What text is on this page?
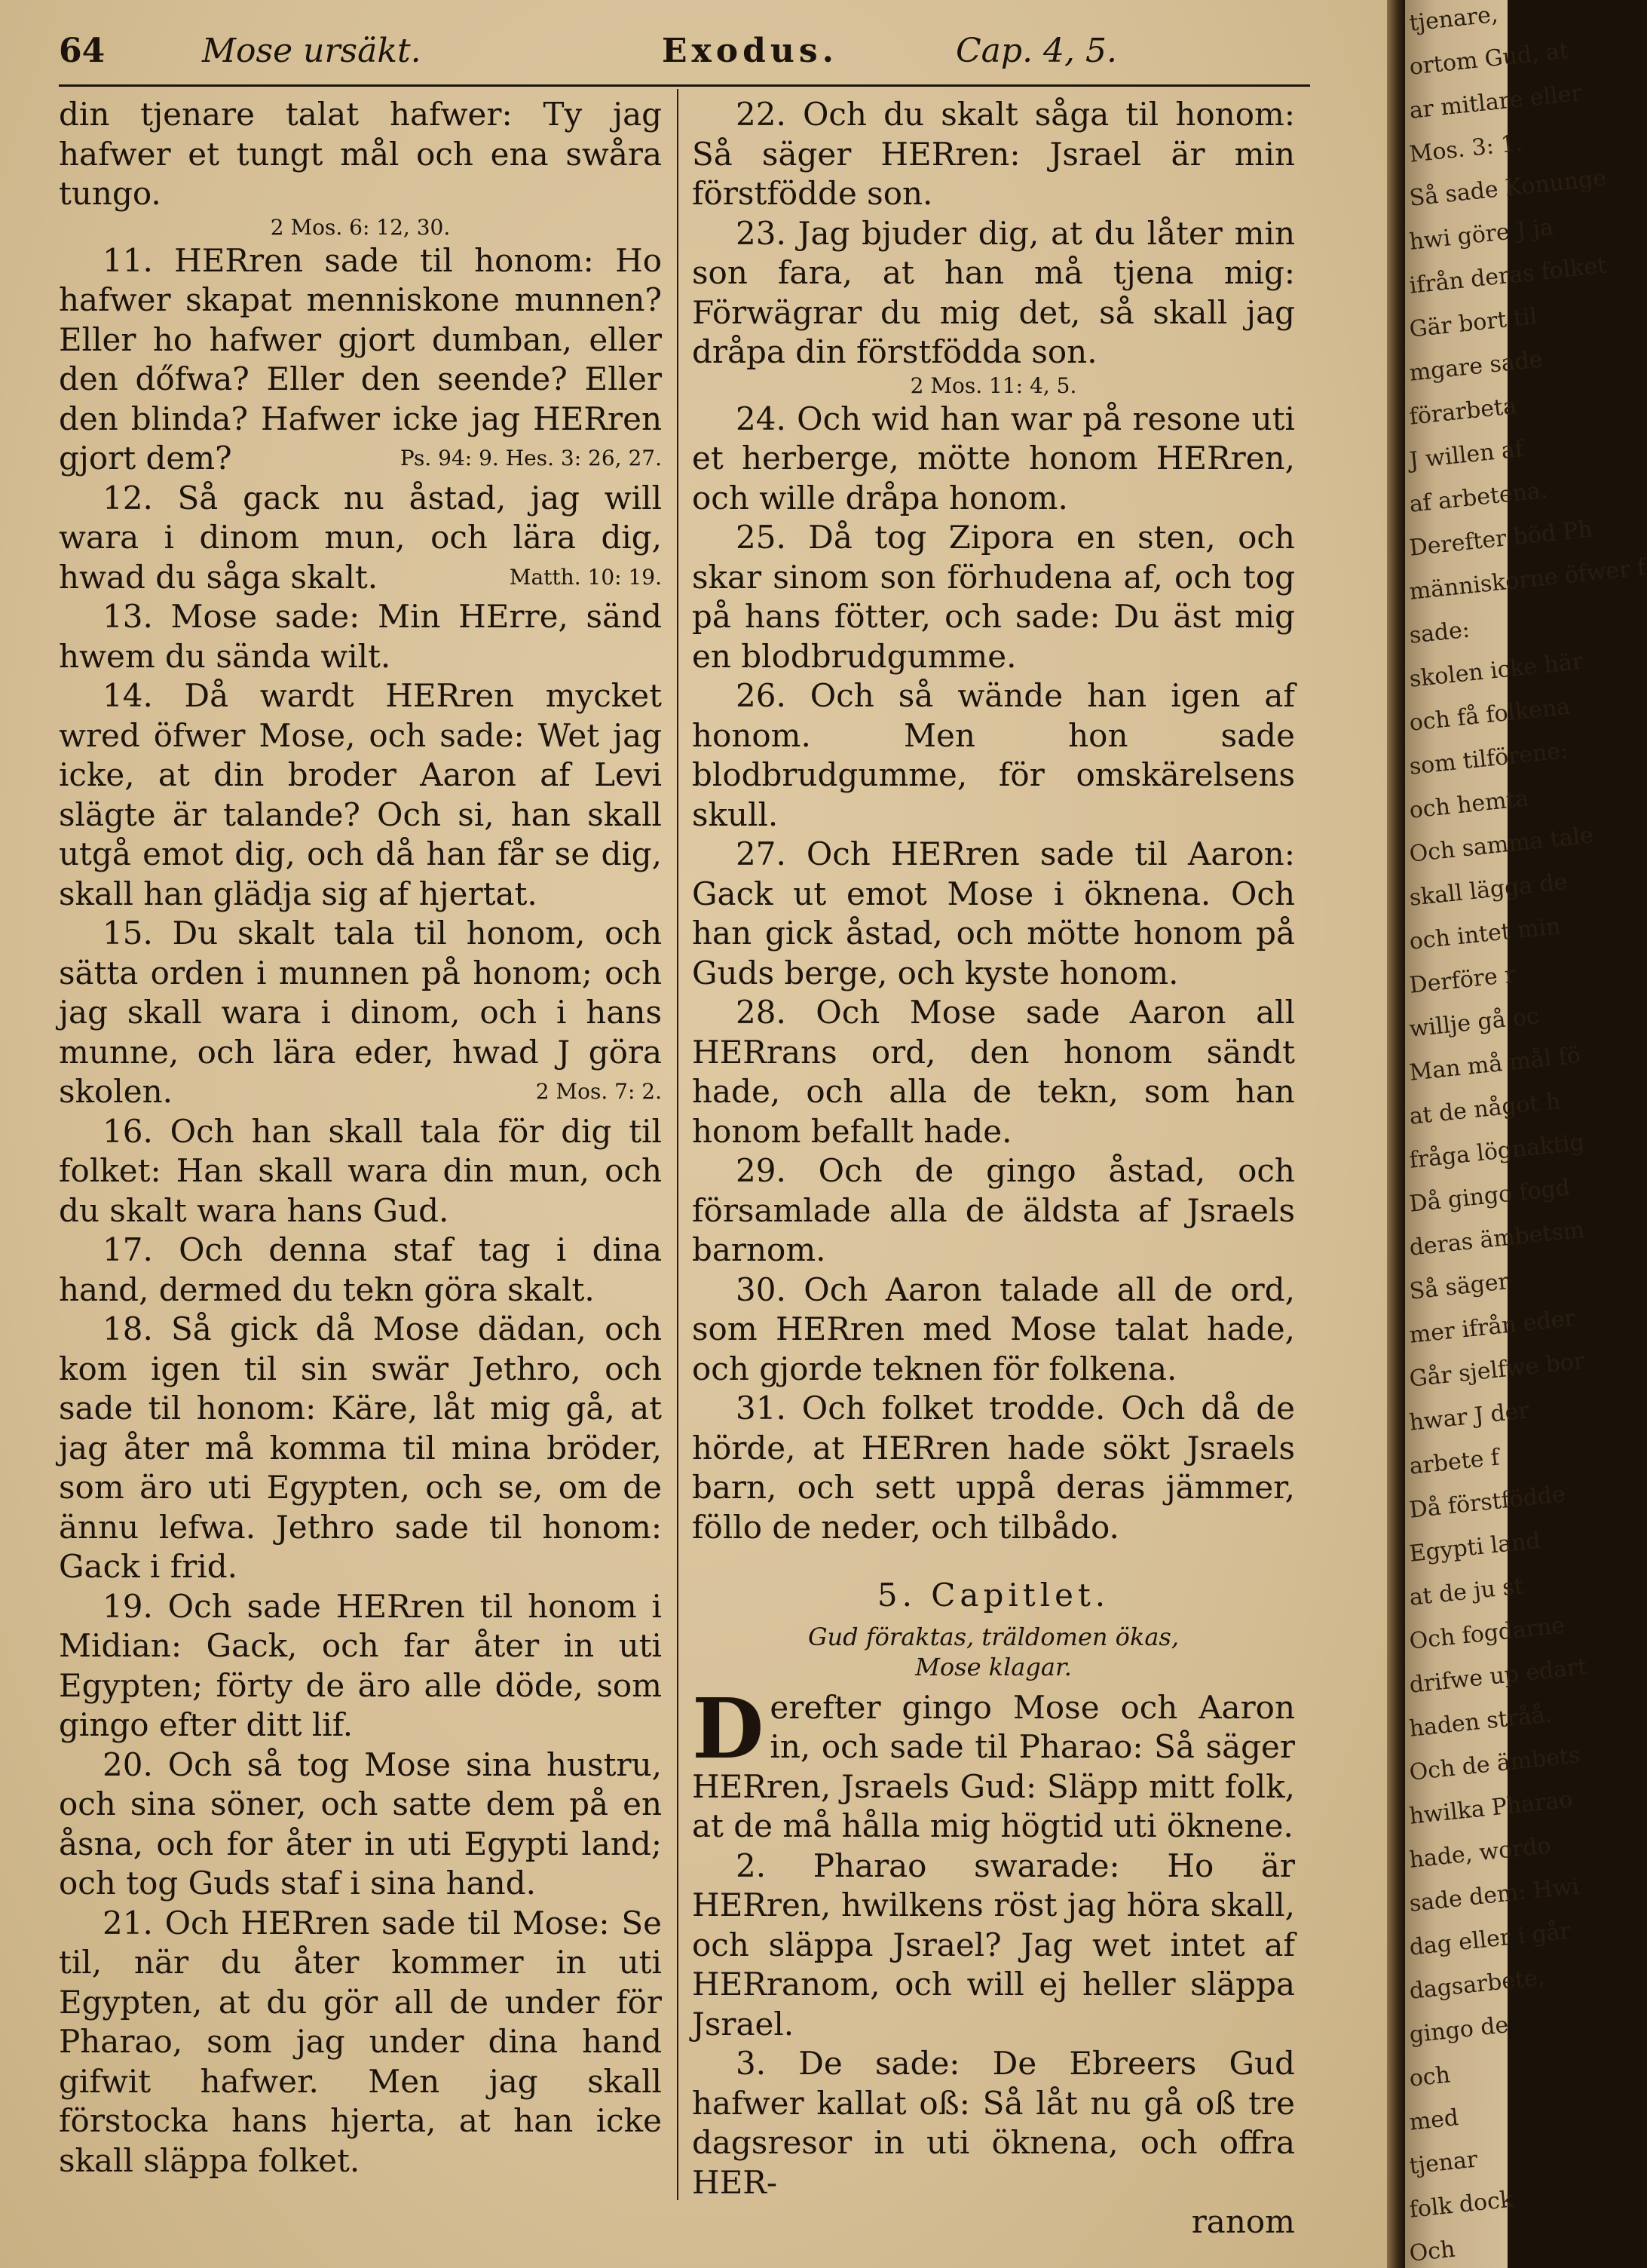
64	Mose ursäkt.	Exodus.	Cap. 4, 5.

din tjenare talat hafwer: Ty jag hafwer et tungt mål och ena swåra tungo.

2 Mos. 6: 12, 30.

11. HERren sade til honom: Ho hafwer skapat menniskone munnen? Eller ho hafwer gjort dumban, eller den dőfwa? Eller den seende? Eller den blinda? Hafwer icke jag HERren gjort dem?	Ps. 94: 9. Hes. 3: 26, 27.

12. Så gack nu åstad, jag will wara i dinom mun, och lära dig, hwad du såga skalt.	Matth. 10: 19.

13. Mose sade: Min HErre, sänd hwem du sända wilt.

14. Då wardt HERren mycket wred öfwer Mose, och sade: Wet jag icke, at din broder Aaron af Levi slägte är talande? Och si, han skall utgå emot dig, och då han får se dig, skall han glädja sig af hjertat.

15. Du skalt tala til honom, och sätta orden i munnen på honom; och jag skall wara i dinom, och i hans munne, och lära eder, hwad J göra skolen.	2 Mos. 7: 2.

16. Och han skall tala för dig til folket: Han skall wara din mun, och du skalt wara hans Gud.

17. Och denna staf tag i dina hand, dermed du tekn göra skalt.

18. Så gick då Mose dädan, och kom igen til sin swär Jethro, och sade til honom: Käre, låt mig gå, at jag åter må komma til mina bröder, som äro uti Egypten, och se, om de ännu lefwa. Jethro sade til honom: Gack i frid.

19. Och sade HERren til honom i Midian: Gack, och far åter in uti Egypten; förty de äro alle döde, som gingo efter ditt lif.

20. Och så tog Mose sina hustru, och sina söner, och satte dem på en åsna, och for åter in uti Egypti land; och tog Guds staf i sina hand.

21. Och HERren sade til Mose: Se til, när du åter kommer in uti Egypten, at du gör all de under för Pharao, som jag under dina hand gifwit hafwer. Men jag skall förstocka hans hjerta, at han icke skall släppa folket.

22. Och du skalt såga til honom: Så säger HERren: Jsrael är min förstfödde son.

23. Jag bjuder dig, at du låter min son fara, at han må tjena mig: Förwägrar du mig det, så skall jag dråpa din förstfödda son.

2 Mos. 11: 4, 5.

24. Och wid han war på resone uti et herberge, mötte honom HERren, och wille dråpa honom.

25. Då tog Zipora en sten, och skar sinom son förhudena af, och tog på hans fötter, och sade: Du äst mig en blodbrudgumme.

26. Och så wände han igen af honom. Men hon sade blodbrudgumme, för omskärelsens skull.

27. Och HERren sade til Aaron: Gack ut emot Mose i öknena. Och han gick åstad, och mötte honom på Guds berge, och kyste honom.

28. Och Mose sade Aaron all HERrans ord, den honom sändt hade, och alla de tekn, som han honom befallt hade.

29. Och de gingo åstad, och församlade alla de äldsta af Jsraels barnom.

30. Och Aaron talade all de ord, som HERren med Mose talat hade, och gjorde teknen för folkena.

31. Och folket trodde. Och då de hörde, at HERren hade sökt Jsraels barn, och sett uppå deras jämmer, föllo de neder, och tilbådo.

5. Capitlet.

Gud föraktas, träldomen ökas,
Mose klagar.

Derefter gingo Mose och Aaron in, och sade til Pharao: Så säger HERren, Jsraels Gud: Släpp mitt folk, at de må hålla mig högtid uti öknene.

2. Pharao swarade: Ho är HERren, hwilkens röst jag höra skall, och släppa Jsrael? Jag wet intet af HERranom, och will ej heller släppa Jsrael.

3. De sade: De Ebreers Gud hafwer kallat oß: Så låt nu gå oß tre dagsresor in uti öknena, och offra HER-

ranom

tjenare,
ortom Gud, at
ar mitlare eller
Mos. 3: 1.
Så sade Konunge
hwi göre J ja
ifrån deras folket
Gär bort til
mgare sade
förarbeta
J willen af
af arbetena.
Derefter böd Ph
människorne öfwer f
sade:
skolen icke här
och få folkena
som tilförene:
och hemta
Och samma tale
skall lägga de
och intet min
Derföre r
willje gå oc
Man må mål fö
at de något h
fråga lögnaktig
Då gingo fogd
deras ämbetsm
Så säger
mer ifrån eder
Går sjelfwe bor
hwar J der
arbete f
Då förstfödde
Egypti land
at de ju st
Och fogdarne
drifwe up edart
haden stråå.
Och de ämbets
hwilka Pharao
hade, wordo
sade dem: Hwi
dag eller i går
dagsarbete,
gingo de
och
med
tjenar
folk dock
Och
